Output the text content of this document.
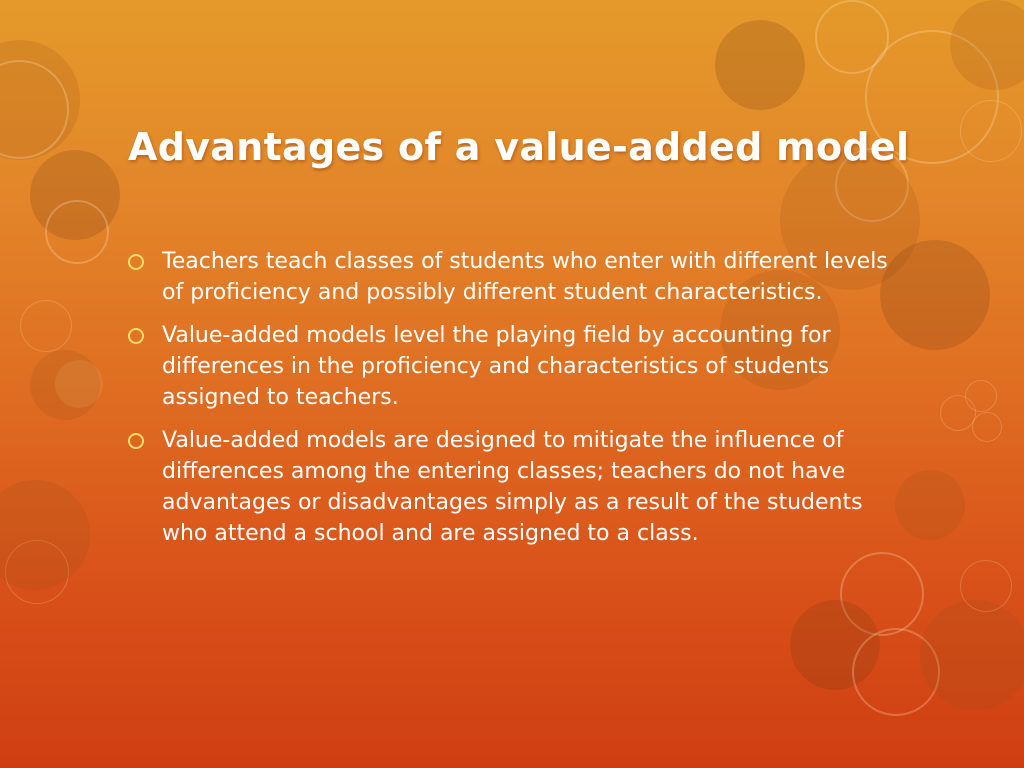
Advantages of a value-added model
Teachers teach classes of students who enter with different levels of proficiency and possibly different student characteristics.
Value-added models level the playing field by accounting for differences in the proficiency and characteristics of students assigned to teachers.
Value-added models are designed to mitigate the influence of differences among the entering classes; teachers do not have advantages or disadvantages simply as a result of the students who attend a school and are assigned to a class.
